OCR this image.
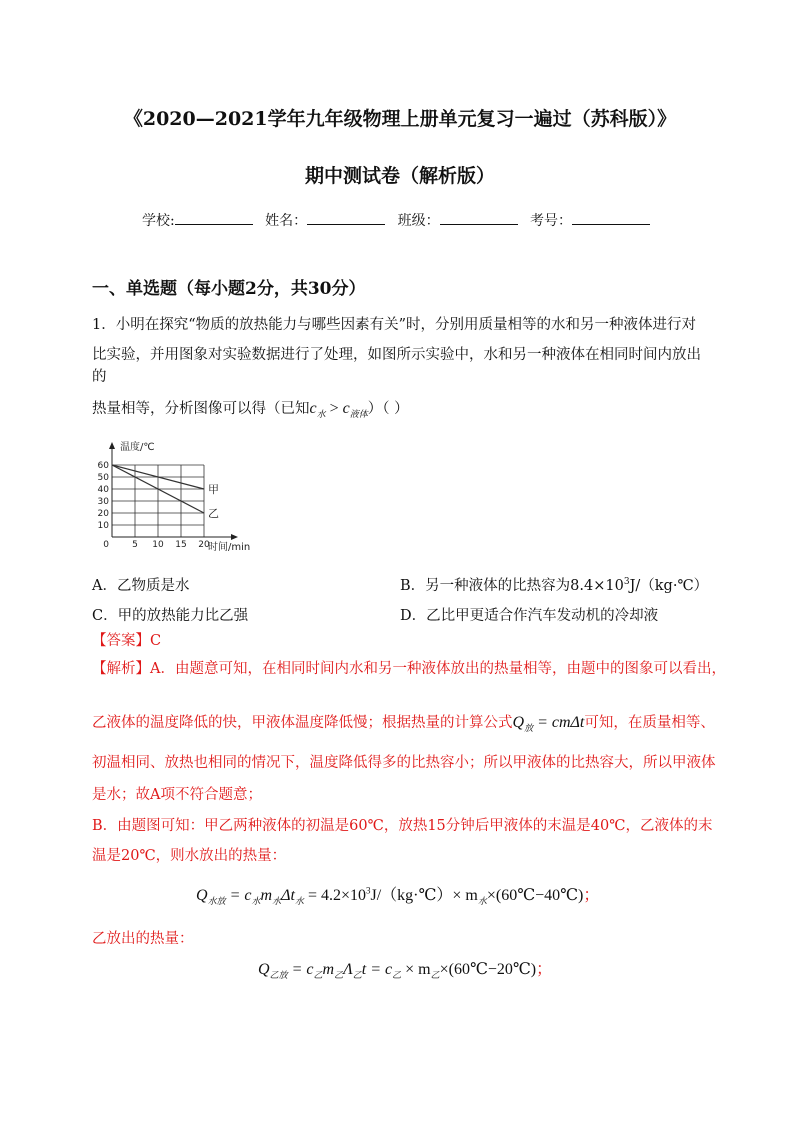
《2020—2021学年九年级物理上册单元复习一遍过（苏科版）》
期中测试卷（解析版）
学校:	姓名：	班级：	考号：
一、单选题（每小题2分，共30分）
1．小明在探究“物质的放热能力与哪些因素有关”时，分别用质量相等的水和另一种液体进行对
比实验，并用图象对实验数据进行了处理，如图所示实验中，水和另一种液体在相同时间内放出的
热量相等，分析图像可以得（已知$c_水 > c_{液体}$）（ ）
10
20
30
40
50
60
5 10 15 20
0
温度/℃
时间/min
甲
乙
A．乙物质是水	B．另一种液体的比热容为$8.4\times 10^3J/(kg\cdot℃)$
C．甲的放热能力比乙强	D．乙比甲更适合作汽车发动机的冷却液
【答案】C
【解析】A．由题意可知，在相同时间内水和另一种液体放出的热量相等，由题中的图象可以看出，
乙液体的温度降低的快，甲液体温度降低慢；根据热量的计算公式$Q_放 = cm\Delta t$可知，在质量相等、
初温相同、放热也相同的情况下，温度降低得多的比热容小；所以甲液体的比热容大，所以甲液体
是水；故A项不符合题意；
B．由题图可知：甲乙两种液体的初温是60℃，放热15分钟后甲液体的末温是40℃，乙液体的末
温是20℃，则水放出的热量：
$Q_{水放} = c_水m_水\Delta t_水$ = $4.2\times 10^3J/(kg\cdot℃)\times$ $m_水\times(60℃-40℃)$；
乙放出的热量：
$Q_{乙放} = c_乙m_乙\Lambda_乙t = c_乙$ × $m_乙\times(60℃-20℃)$；
